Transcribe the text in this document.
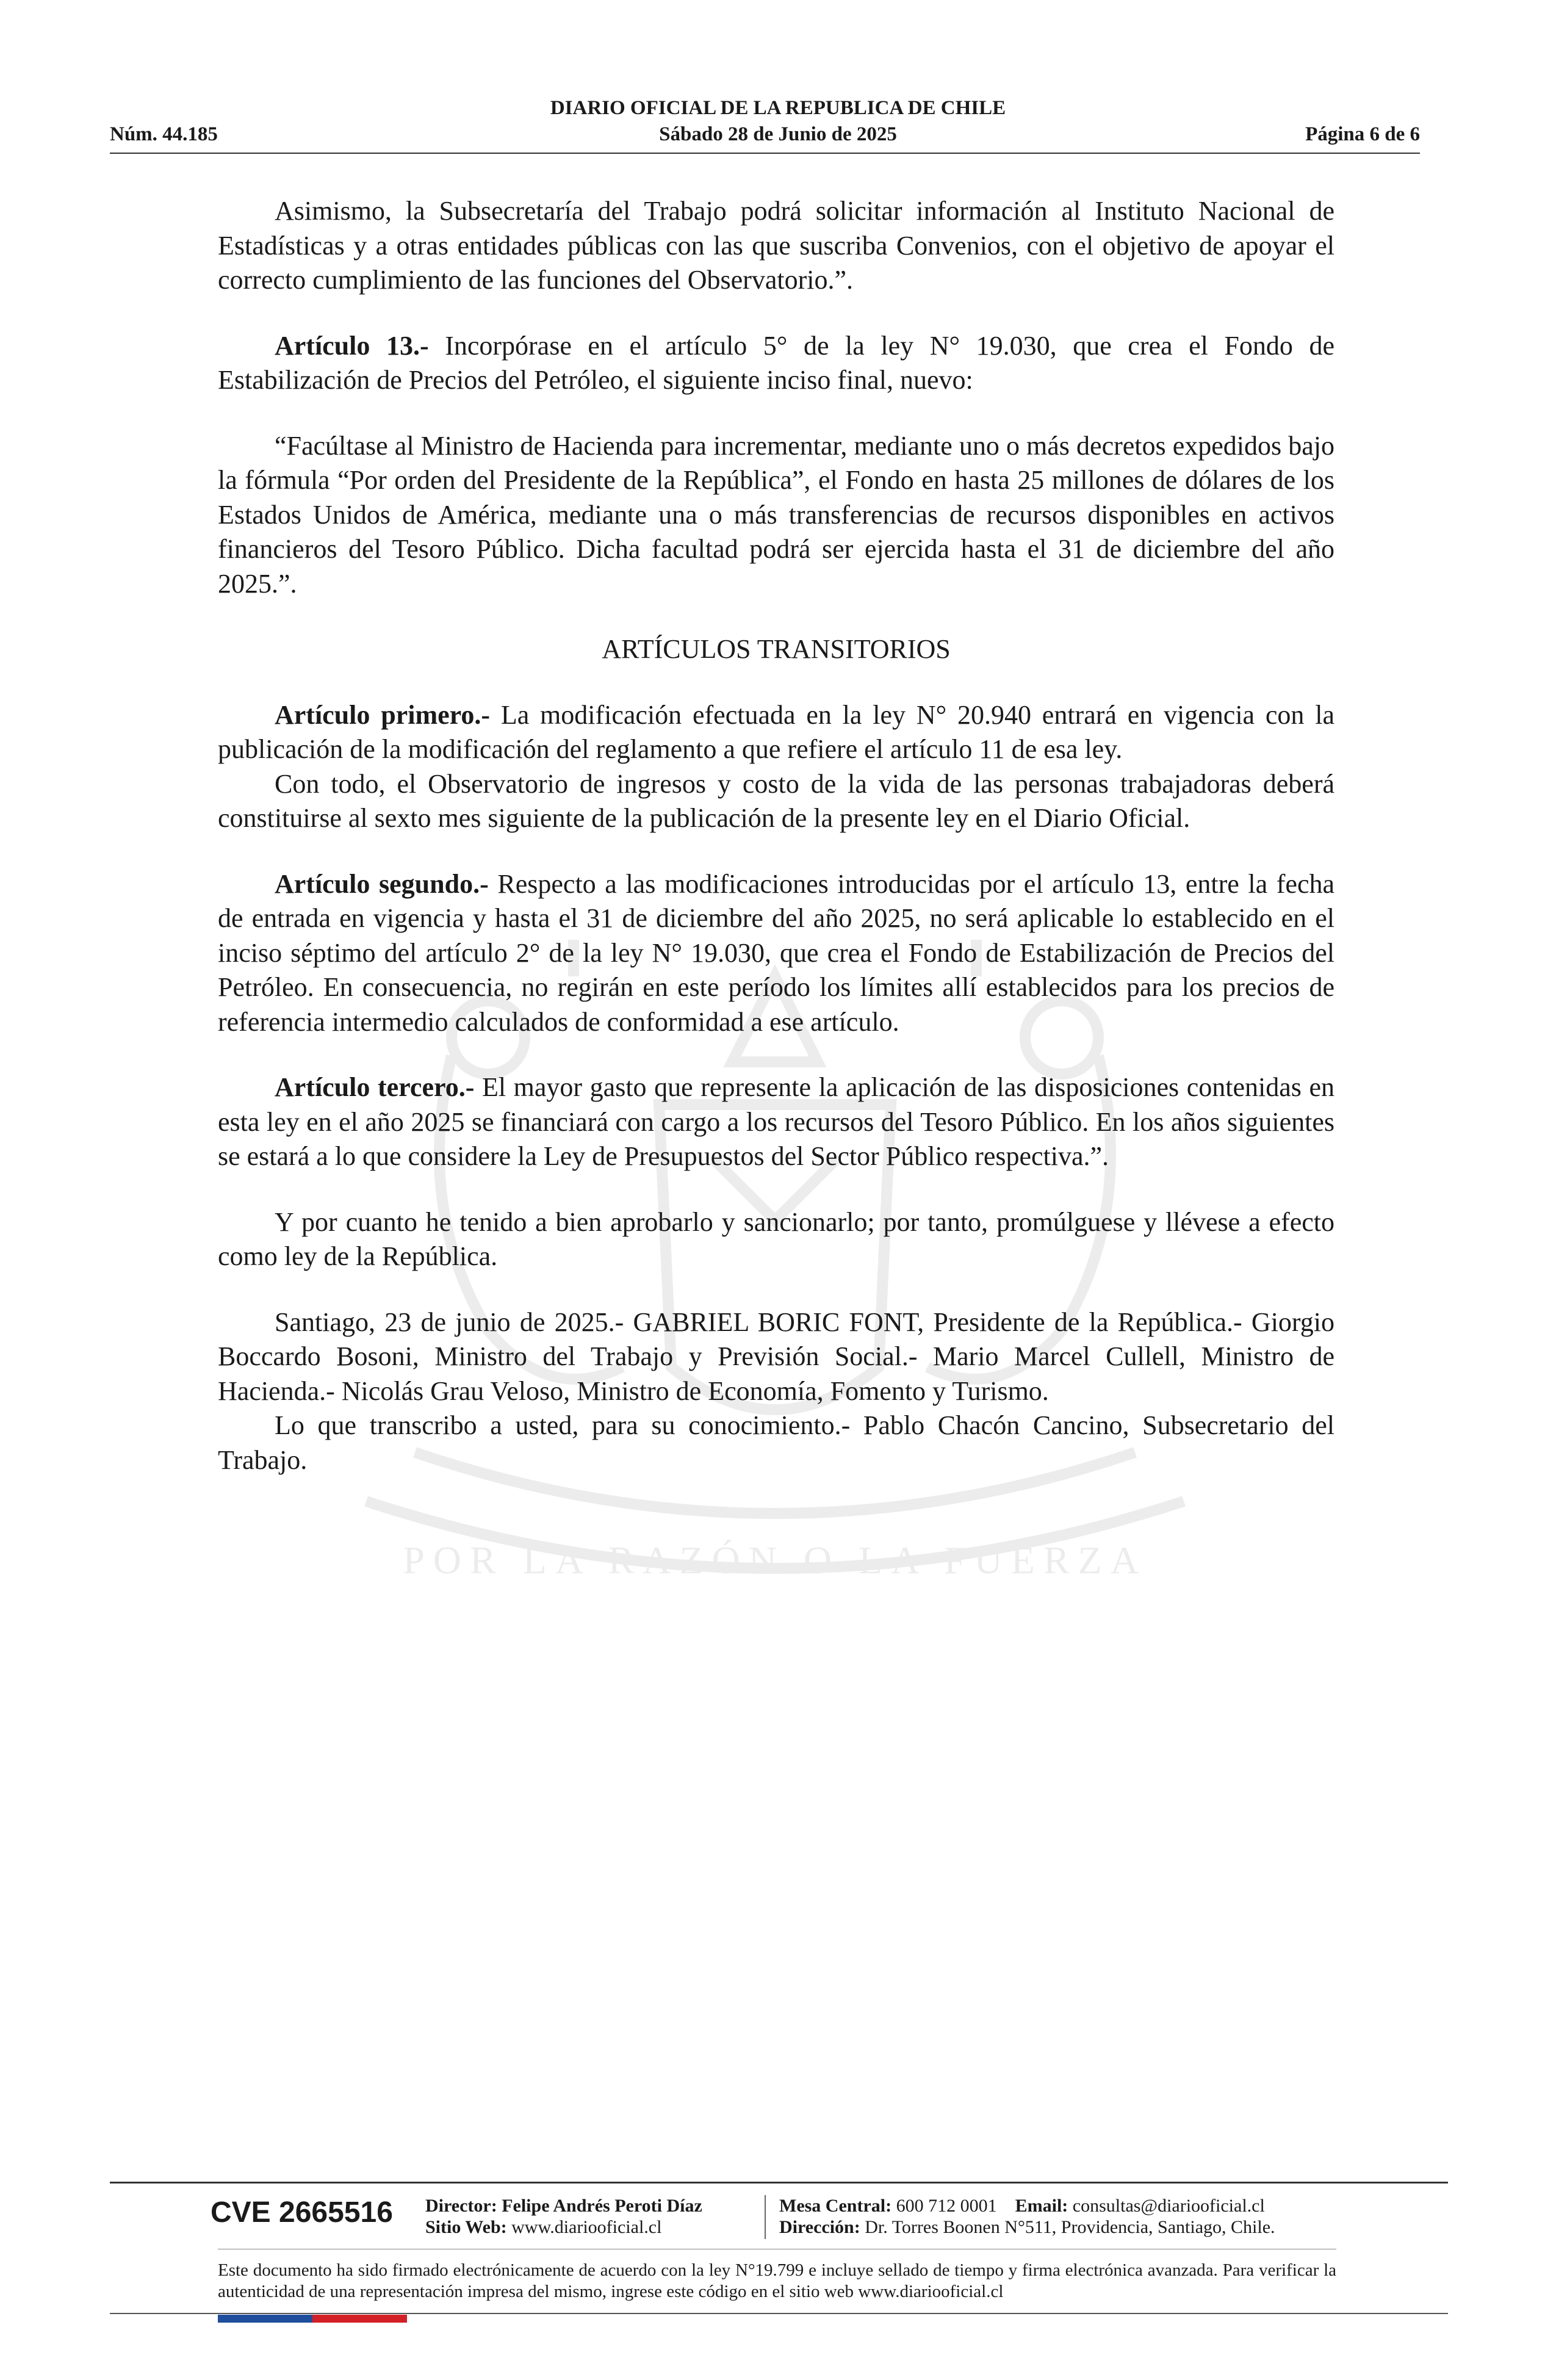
POR LA RAZÓN O LA FUERZA
DIARIO OFICIAL DE LA REPUBLICA DE CHILE
Núm. 44.185	Sábado 28 de Junio de 2025	Página 6 de 6

Asimismo, la Subsecretaría del Trabajo podrá solicitar información al Instituto Nacional de Estadísticas y a otras entidades públicas con las que suscriba Convenios, con el objetivo de apoyar el correcto cumplimiento de las funciones del Observatorio.”.

Artículo 13.- Incorpórase en el artículo 5° de la ley N° 19.030, que crea el Fondo de Estabilización de Precios del Petróleo, el siguiente inciso final, nuevo:

“Facúltase al Ministro de Hacienda para incrementar, mediante uno o más decretos expedidos bajo la fórmula “Por orden del Presidente de la República”, el Fondo en hasta 25 millones de dólares de los Estados Unidos de América, mediante una o más transferencias de recursos disponibles en activos financieros del Tesoro Público. Dicha facultad podrá ser ejercida hasta el 31 de diciembre del año 2025.”.

ARTÍCULOS TRANSITORIOS

Artículo primero.- La modificación efectuada en la ley N° 20.940 entrará en vigencia con la publicación de la modificación del reglamento a que refiere el artículo 11 de esa ley.

Con todo, el Observatorio de ingresos y costo de la vida de las personas trabajadoras deberá constituirse al sexto mes siguiente de la publicación de la presente ley en el Diario Oficial.

Artículo segundo.- Respecto a las modificaciones introducidas por el artículo 13, entre la fecha de entrada en vigencia y hasta el 31 de diciembre del año 2025, no será aplicable lo establecido en el inciso séptimo del artículo 2° de la ley N° 19.030, que crea el Fondo de Estabilización de Precios del Petróleo. En consecuencia, no regirán en este período los límites allí establecidos para los precios de referencia intermedio calculados de conformidad a ese artículo.

Artículo tercero.- El mayor gasto que represente la aplicación de las disposiciones contenidas en esta ley en el año 2025 se financiará con cargo a los recursos del Tesoro Público. En los años siguientes se estará a lo que considere la Ley de Presupuestos del Sector Público respectiva.”.

Y por cuanto he tenido a bien aprobarlo y sancionarlo; por tanto, promúlguese y llévese a efecto como ley de la República.

Santiago, 23 de junio de 2025.- GABRIEL BORIC FONT, Presidente de la República.- Giorgio Boccardo Bosoni, Ministro del Trabajo y Previsión Social.- Mario Marcel Cullell, Ministro de Hacienda.- Nicolás Grau Veloso, Ministro de Economía, Fomento y Turismo.

Lo que transcribo a usted, para su conocimiento.- Pablo Chacón Cancino, Subsecretario del Trabajo.

CVE 2665516 Director: Felipe Andrés Peroti Díaz
Sitio Web: www.diariooficial.cl
Mesa Central: 600 712 0001 Email: consultas@diariooficial.cl
Dirección: Dr. Torres Boonen N°511, Providencia, Santiago, Chile.
Este documento ha sido firmado electrónicamente de acuerdo con la ley N°19.799 e incluye sellado de tiempo y firma electrónica avanzada. Para verificar la autenticidad de una representación impresa del mismo, ingrese este código en el sitio web www.diariooficial.cl
